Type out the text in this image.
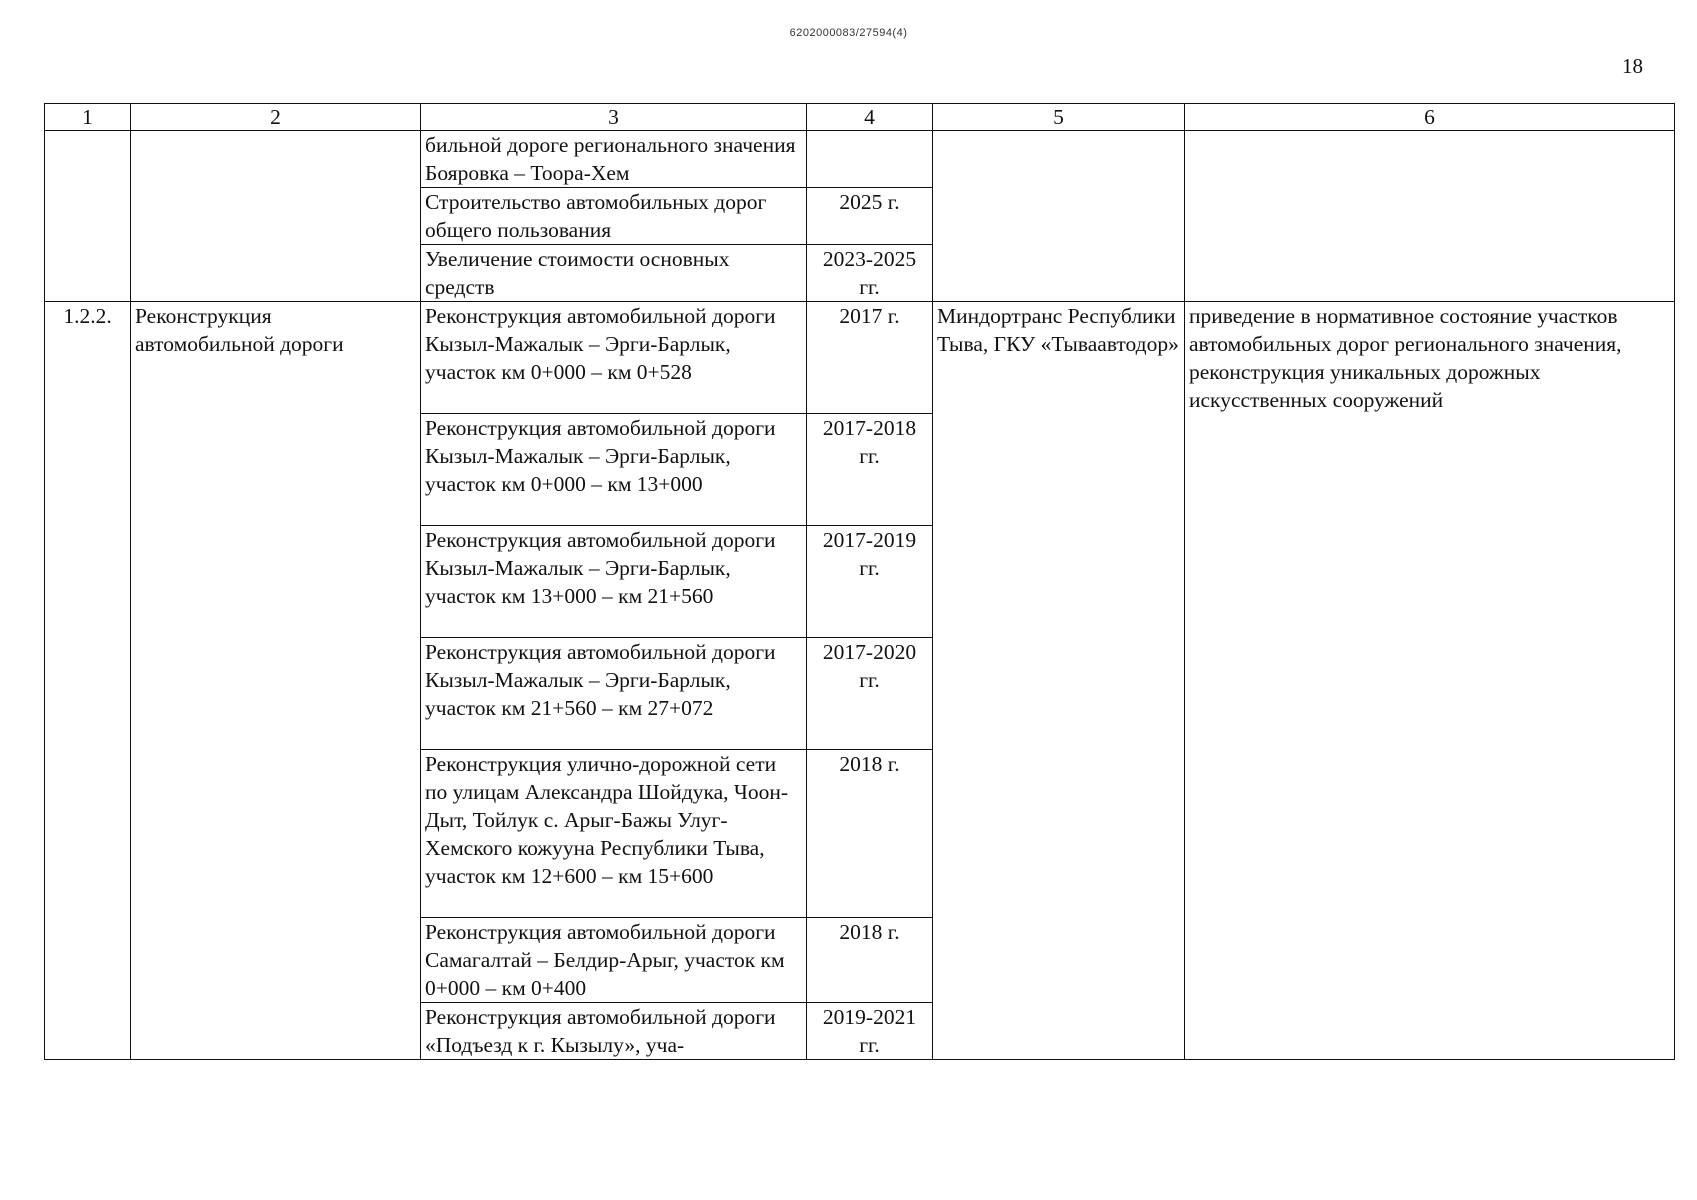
6202000083/27594(4)
18
1	2	3	4	5	6
		бильной дороге регионального значения Бояровка – Тоора-Хем			
		Строительство автомобильных дорог общего пользования	2025 г.		
		Увеличение стоимости основных средств	2023-2025 гг.		
1.2.2.	Реконструкция автомобильной дороги	Реконструкция автомобильной дороги Кызыл-Мажалык – Эрги-Барлык, участок км 0+000 – км 0+528	2017 г.	Миндортранс Республики Тыва, ГКУ «Тываавтодор»	приведение в нормативное состояние участков автомобильных дорог регионального значения, реконструкция уникальных дорожных искусственных сооружений
		Реконструкция автомобильной дороги Кызыл-Мажалык – Эрги-Барлык, участок км 0+000 – км 13+000	2017-2018 гг.		
		Реконструкция автомобильной дороги Кызыл-Мажалык – Эрги-Барлык, участок км 13+000 – км 21+560	2017-2019 гг.		
		Реконструкция автомобильной дороги Кызыл-Мажалык – Эрги-Барлык, участок км 21+560 – км 27+072	2017-2020 гг.		
		Реконструкция улично-дорожной сети по улицам Александра Шойдука, Чоон-Дыт, Тойлук с. Арыг-Бажы Улуг-Хемского кожууна Республики Тыва, участок км 12+600 – км 15+600	2018 г.		
		Реконструкция автомобильной дороги Самагалтай – Белдир-Арыг, участок км 0+000 – км 0+400	2018 г.		
		Реконструкция автомобильной дороги «Подъезд к г. Кызылу», уча-	2019-2021 гг.		
